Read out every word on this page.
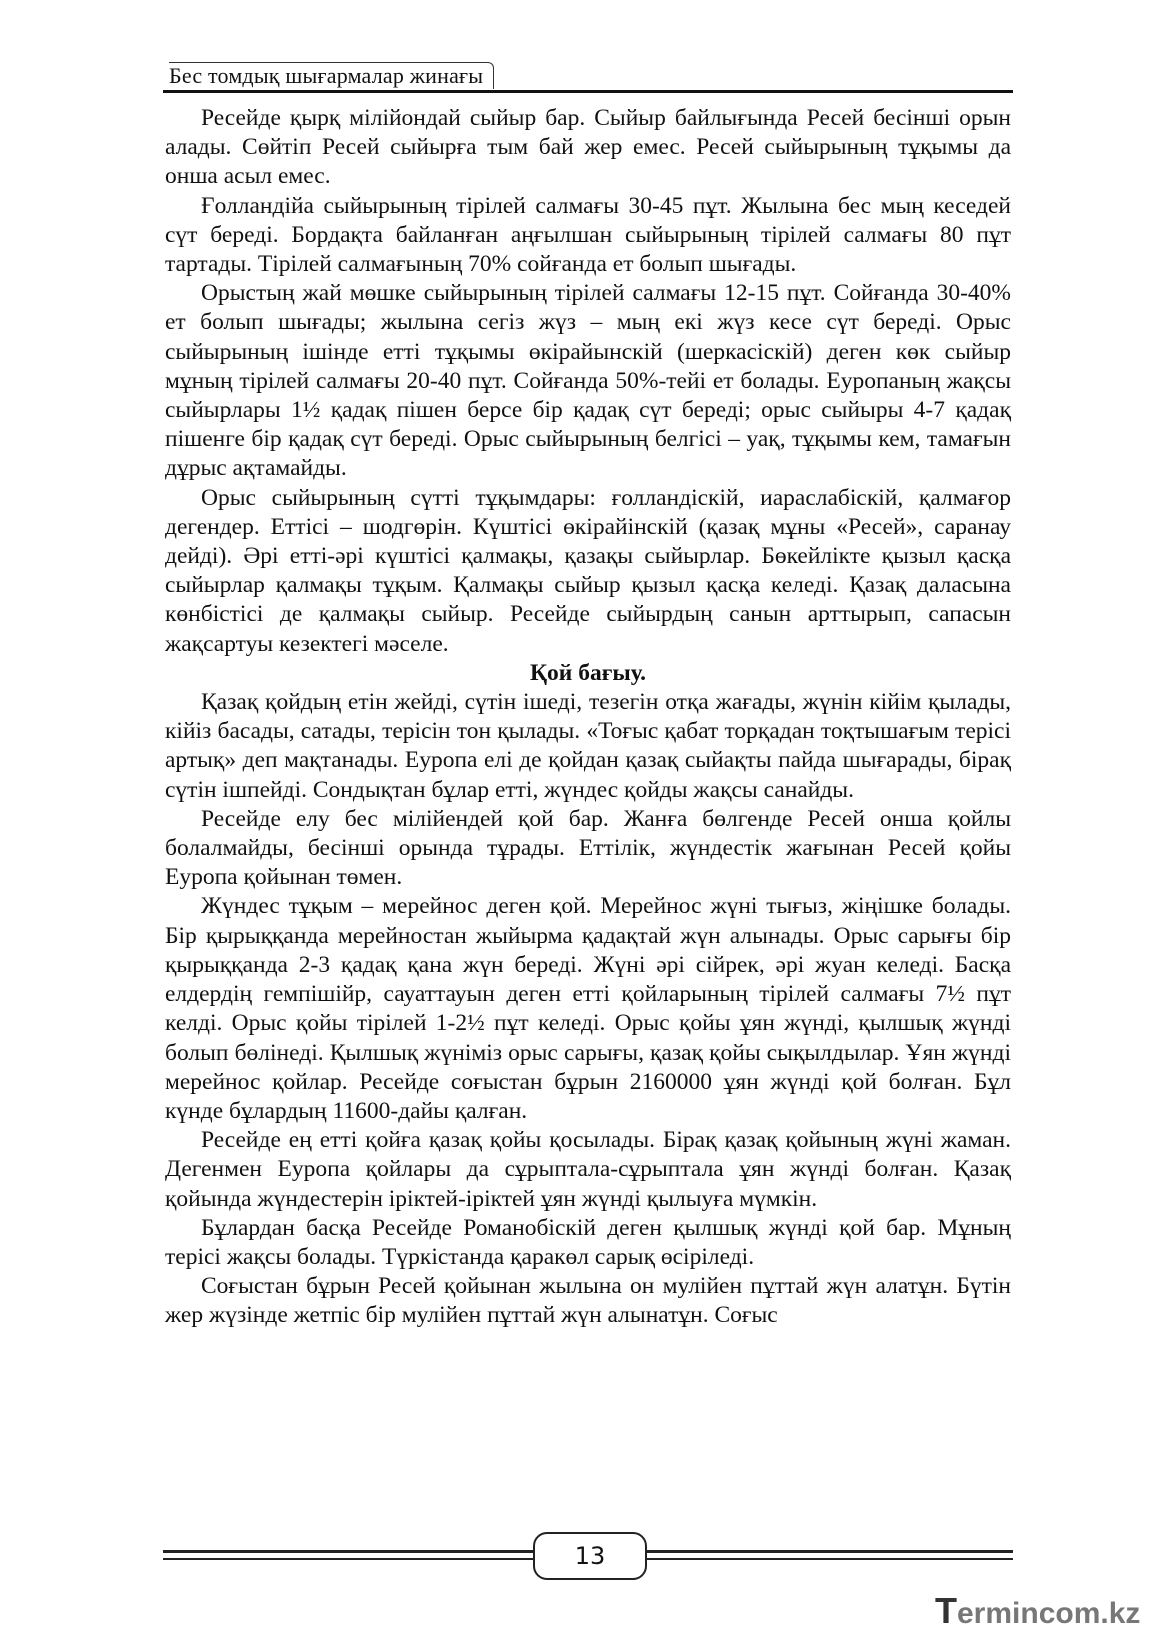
Бес томдық шығармалар жинағы

Ресейде қырқ мілійондай сыйыр бар. Сыйыр байлығында Ресей бесінші орын алады. Сөйтіп Ресей сыйырға тым бай жер емес. Ресей сыйырының тұқымы да онша асыл емес.

Ғолландійа сыйырының тірілей салмағы 30-45 пұт. Жылына бес мың кеседей сүт береді. Бордақта байланған аңғылшан сыйырының тірілей салмағы 80 пұт тартады. Тірілей салмағының 70% сойғанда ет болып шығады.

Орыстың жай мөшке сыйырының тірілей салмағы 12-15 пұт. Сойғанда 30-40% ет болып шығады; жылына сегіз жүз – мың екі жүз кесе сүт береді. Орыс сыйырының ішінде етті тұқымы өкірайынскій (шеркасіскій) деген көк сыйыр мұның тірілей салмағы 20-40 пұт. Сойғанда 50%-тейі ет болады. Еуропаның жақсы сыйырлары 1½ қадақ пішен берсе бір қадақ сүт береді; орыс сыйыры 4-7 қадақ пішенге бір қадақ сүт береді. Орыс сыйырының белгісі – уақ, тұқымы кем, тамағын дұрыс ақтамайды.

Орыс сыйырының сүтті тұқымдары: ғолландіскій, иараслабіскій, қалмағор дегендер. Еттісі – шодгөрін. Күштісі өкірайінскій (қазақ мұны «Ресей», саранау дейді). Әрі етті-әрі күштісі қалмақы, қазақы сыйырлар. Бөкейлікте қызыл қасқа сыйырлар қалмақы тұқым. Қалмақы сыйыр қызыл қасқа келеді. Қазақ даласына көнбістісі де қалмақы сыйыр. Ресейде сыйырдың санын арттырып, сапасын жақсартуы кезектегі мәселе.

Қой бағыу.

Қазақ қойдың етін жейді, сүтін ішеді, тезегін отқа жағады, жүнін кійім қылады, кійіз басады, сатады, терісін тон қылады. «Тоғыс қабат торқадан тоқтышағым терісі артық» деп мақтанады. Еуропа елі де қойдан қазақ сыйақты пайда шығарады, бірақ сүтін ішпейді. Сондықтан бұлар етті, жүндес қойды жақсы санайды.

Ресейде елу бес мілійендей қой бар. Жанға бөлгенде Ресей онша қойлы болалмайды, бесінші орында тұрады. Еттілік, жүндестік жағынан Ресей қойы Еуропа қойынан төмен.

Жүндес тұқым – мерейнос деген қой. Мерейнос жүні тығыз, жіңішке болады. Бір қырыққанда мерейностан жыйырма қадақтай жүн алынады. Орыс сарығы бір қырыққанда 2-3 қадақ қана жүн береді. Жүні әрі сійрек, әрі жуан келеді. Басқа елдердің гемпішійр, сауаттауын деген етті қойларының тірілей салмағы 7½ пұт келді. Орыс қойы тірілей 1-2½ пұт келеді. Орыс қойы ұян жүнді, қылшық жүнді болып бөлінеді. Қылшық жүніміз орыс сарығы, қазақ қойы сықылдылар. Ұян жүнді мерейнос қойлар. Ресейде соғыстан бұрын 2160000 ұян жүнді қой болған. Бұл күнде бұлардың 11600-дайы қалған.

Ресейде ең етті қойға қазақ қойы қосылады. Бірақ қазақ қойының жүні жаман. Дегенмен Еуропа қойлары да сұрыптала-сұрыптала ұян жүнді болған. Қазақ қойында жүндестерін іріктей-іріктей ұян жүнді қылыуға мүмкін.

Бұлардан басқа Ресейде Романобіскій деген қылшық жүнді қой бар. Мұның терісі жақсы болады. Түркістанда қаракөл сарық өсіріледі.

Соғыстан бұрын Ресей қойынан жылына он мулійен пұттай жүн алатұн. Бүтін жер жүзінде жетпіс бір мулійен пұттай жүн алынатұн. Соғыс

13
Termincom.kz
